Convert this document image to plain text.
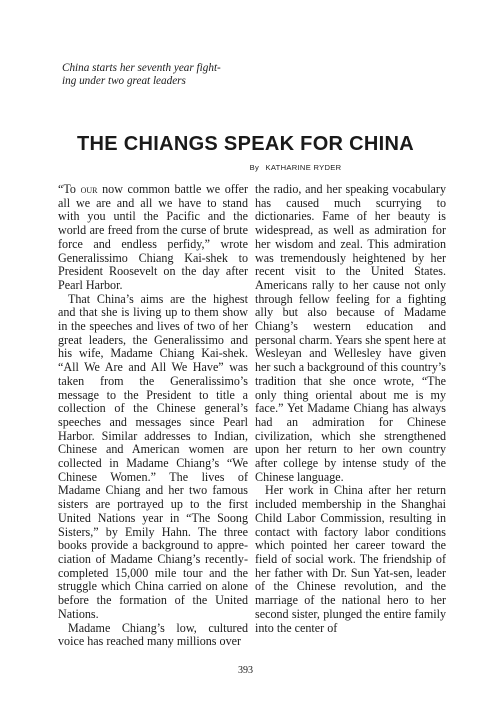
China starts her seventh year fight-ing under two great leaders
THE CHIANGS SPEAK FOR CHINA
By KATHARINE RYDER

“To our now common battle we offer all we are and all we have to stand with you until the Pacific and the world are freed from the curse of brute force and endless perfidy,” wrote Generalissimo Chiang Kai-shek to President Roosevelt on the day after Pearl Harbor.

That China’s aims are the highest and that she is living up to them show in the speeches and lives of two of her great leaders, the Generalissimo and his wife, Madame Chiang Kai-shek. “All We Are and All We Have” was taken from the Generalissimo’s message to the President to title a collection of the Chinese general’s speeches and messages since Pearl Harbor. Similar addresses to Indian, Chinese and American women are collected in Madame Chiang’s “We Chinese Women.” The lives of Madame Chiang and her two famous sisters are portrayed up to the first United Nations year in “The Soong Sisters,” by Emily Hahn. The three books provide a background to appreciation of Madame Chiang’s recently-completed 15,000 mile tour and the struggle which China carried on alone before the formation of the United Nations.

Madame Chiang’s low, cultured voice has reached many millions over

the radio, and her speaking vocabulary has caused much scurrying to dictionaries. Fame of her beauty is widespread, as well as admiration for her wisdom and zeal. This admiration was tremendously heightened by her recent visit to the United States. Americans rally to her cause not only through fellow feeling for a fighting ally but also because of Madame Chiang’s western education and personal charm. Years she spent here at Wesleyan and Wellesley have given her such a background of this country’s tradition that she once wrote, “The only thing oriental about me is my face.” Yet Madame Chiang has always had an admiration for Chinese civilization, which she strengthened upon her return to her own country after college by intense study of the Chinese language.

Her work in China after her return included membership in the Shanghai Child Labor Commission, resulting in contact with factory labor conditions which pointed her career toward the field of social work. The friendship of her father with Dr. Sun Yat-sen, leader of the Chinese revolution, and the marriage of the national hero to her second sister, plunged the entire family into the center of

393
